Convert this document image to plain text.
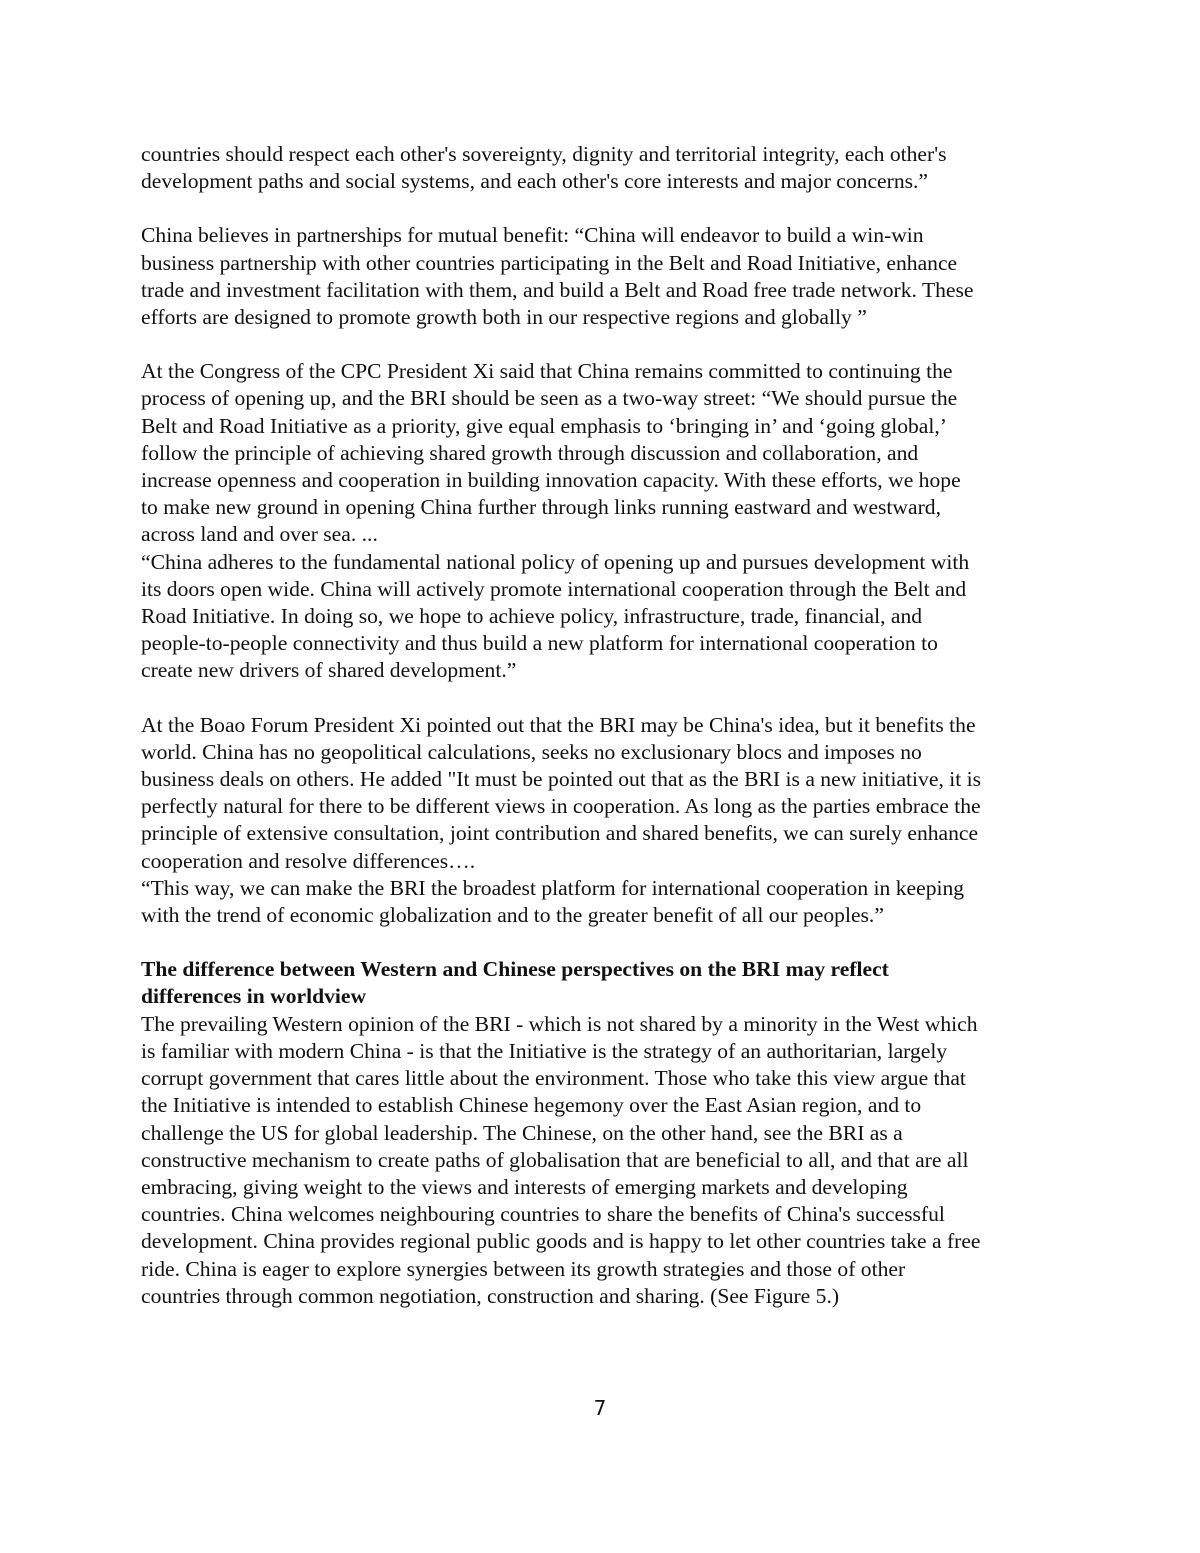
countries should respect each other's sovereignty, dignity and territorial integrity, each other's
development paths and social systems, and each other's core interests and major concerns.”

China believes in partnerships for mutual benefit: “China will endeavor to build a win-win
business partnership with other countries participating in the Belt and Road Initiative, enhance
trade and investment facilitation with them, and build a Belt and Road free trade network. These
efforts are designed to promote growth both in our respective regions and globally ”

At the Congress of the CPC President Xi said that China remains committed to continuing the
process of opening up, and the BRI should be seen as a two-way street: “We should pursue the
Belt and Road Initiative as a priority, give equal emphasis to ‘bringing in’ and ‘going global,’
follow the principle of achieving shared growth through discussion and collaboration, and
increase openness and cooperation in building innovation capacity. With these efforts, we hope
to make new ground in opening China further through links running eastward and westward,
across land and over sea. ...

“China adheres to the fundamental national policy of opening up and pursues development with
its doors open wide. China will actively promote international cooperation through the Belt and
Road Initiative. In doing so, we hope to achieve policy, infrastructure, trade, financial, and
people-to-people connectivity and thus build a new platform for international cooperation to
create new drivers of shared development.”

At the Boao Forum President Xi pointed out that the BRI may be China's idea, but it benefits the
world. China has no geopolitical calculations, seeks no exclusionary blocs and imposes no
business deals on others. He added "It must be pointed out that as the BRI is a new initiative, it is
perfectly natural for there to be different views in cooperation. As long as the parties embrace the
principle of extensive consultation, joint contribution and shared benefits, we can surely enhance
cooperation and resolve differences….

“This way, we can make the BRI the broadest platform for international cooperation in keeping
with the trend of economic globalization and to the greater benefit of all our peoples.”

The difference between Western and Chinese perspectives on the BRI may reflect
differences in worldview

The prevailing Western opinion of the BRI - which is not shared by a minority in the West which
is familiar with modern China - is that the Initiative is the strategy of an authoritarian, largely
corrupt government that cares little about the environment. Those who take this view argue that
the Initiative is intended to establish Chinese hegemony over the East Asian region, and to
challenge the US for global leadership. The Chinese, on the other hand, see the BRI as a
constructive mechanism to create paths of globalisation that are beneficial to all, and that are all
embracing, giving weight to the views and interests of emerging markets and developing
countries. China welcomes neighbouring countries to share the benefits of China's successful
development. China provides regional public goods and is happy to let other countries take a free
ride. China is eager to explore synergies between its growth strategies and those of other
countries through common negotiation, construction and sharing. (See Figure 5.)

7
